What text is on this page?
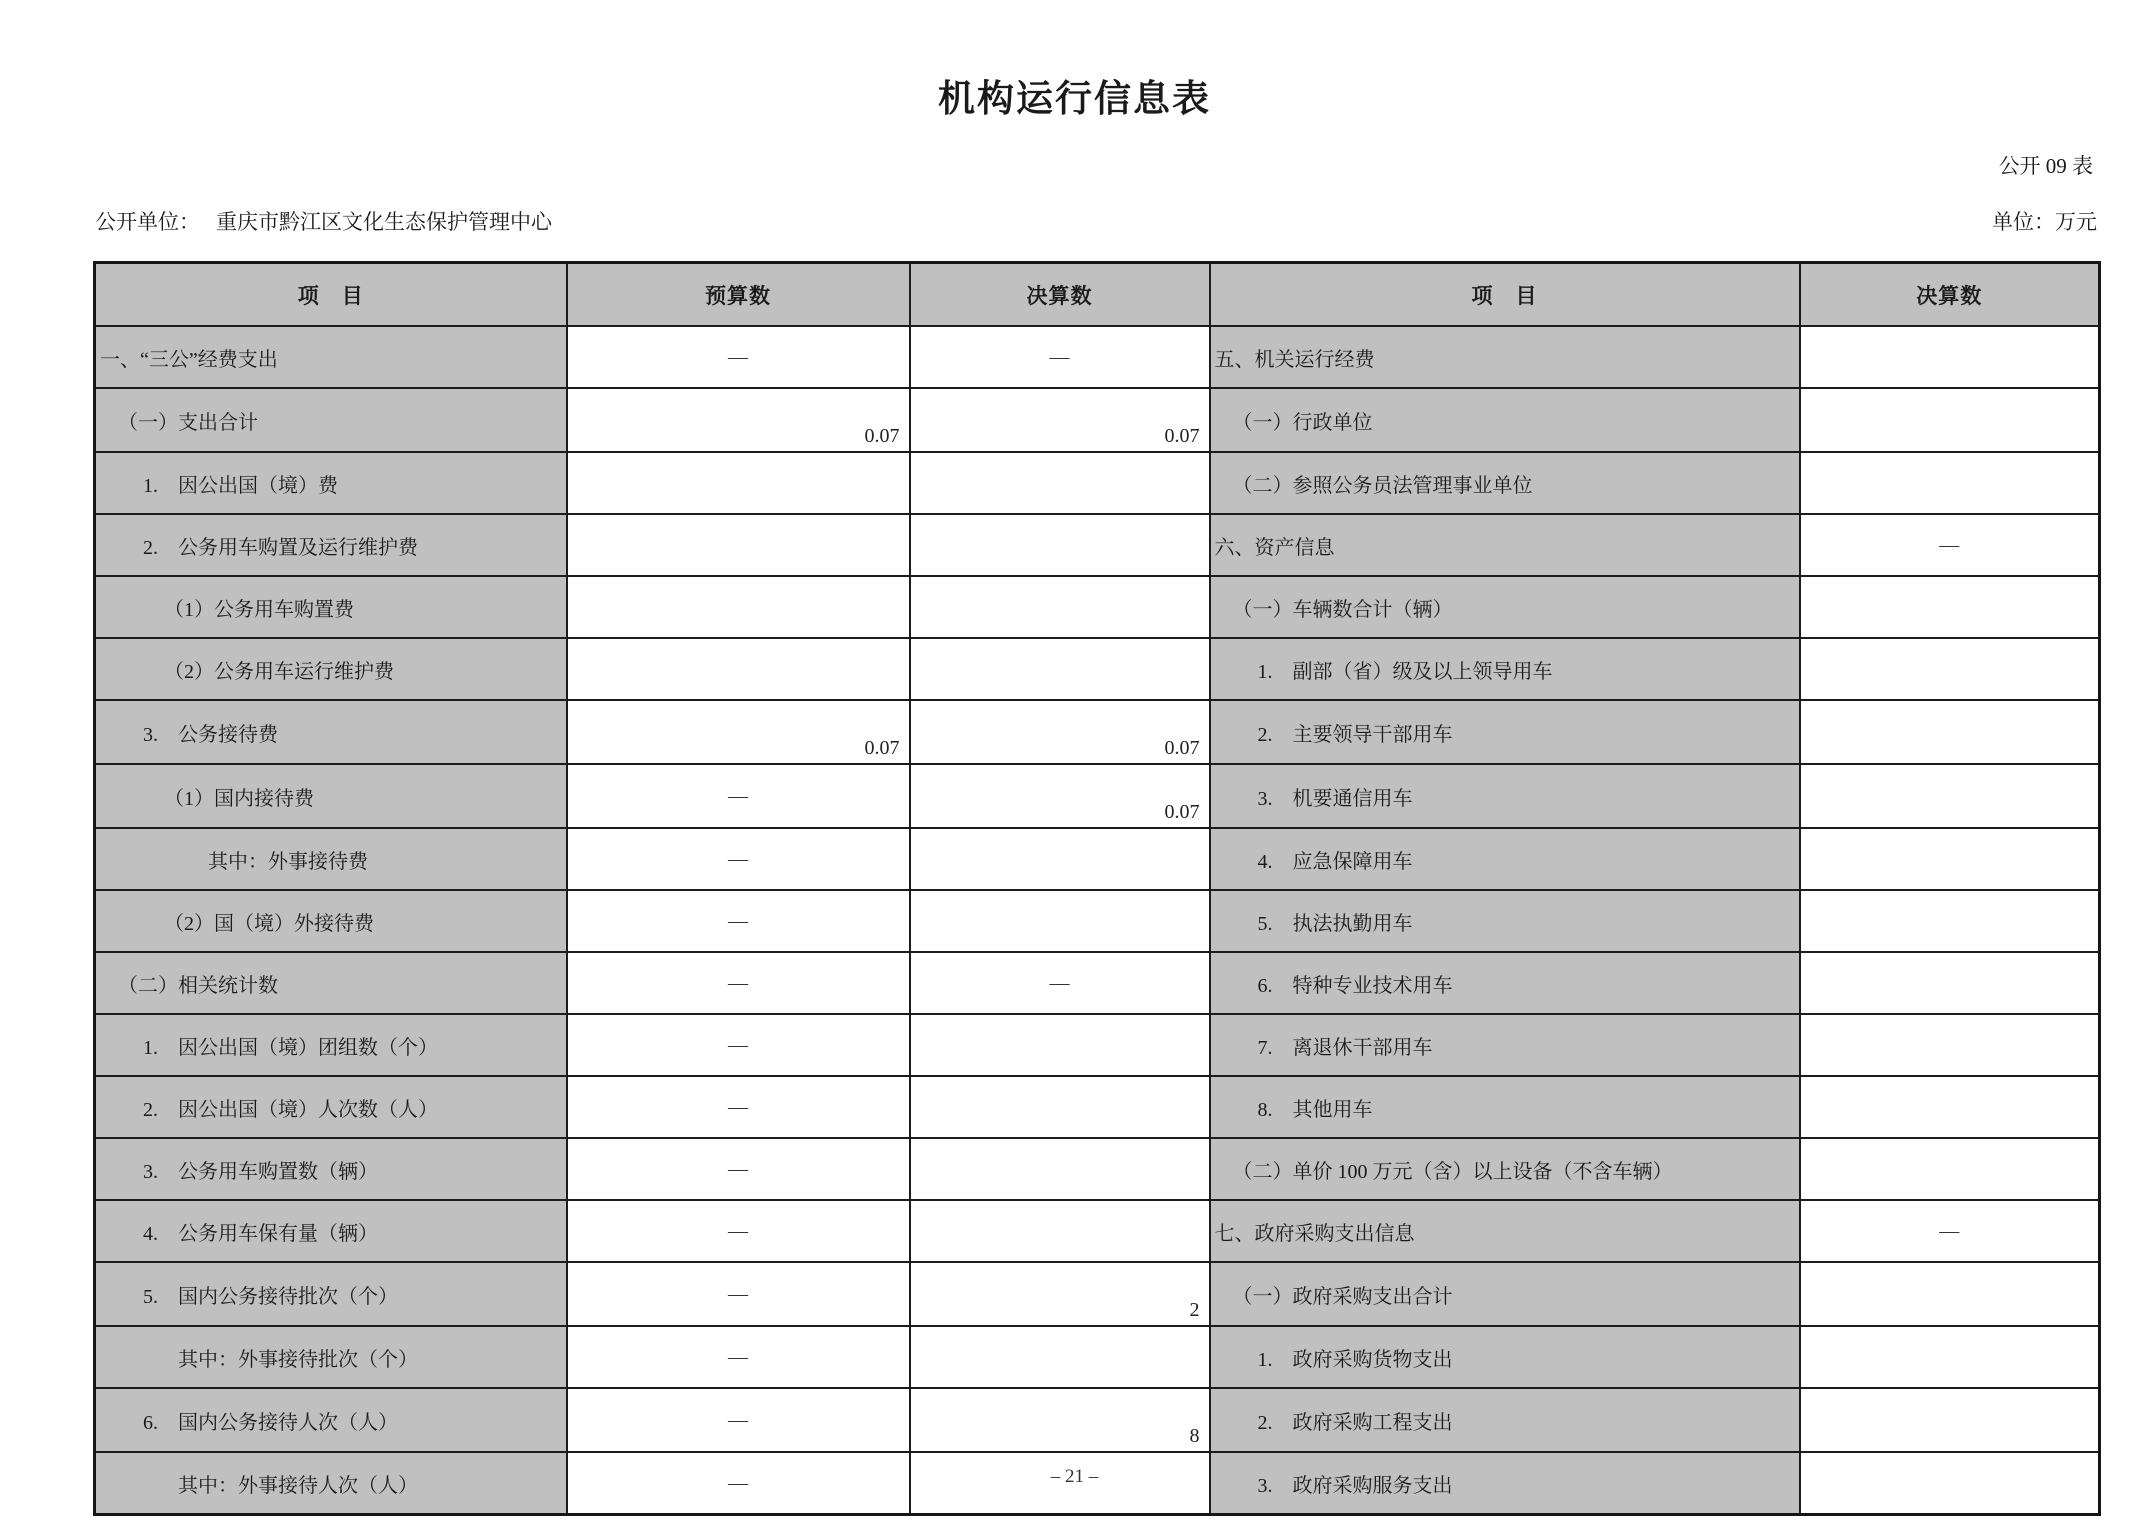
机构运行信息表
公开 09 表
公开单位： 重庆市黔江区文化生态保护管理中心	单位：万元
项　目	预算数	决算数	项　目	决算数
一、“三公”经费支出	—	—	五、机关运行经费	
（一）支出合计	0.07	0.07	（一）行政单位	
1.　因公出国（境）费			（二）参照公务员法管理事业单位	
2.　公务用车购置及运行维护费			六、资产信息	—
（1）公务用车购置费			（一）车辆数合计（辆）	
（2）公务用车运行维护费			1.　副部（省）级及以上领导用车	
3.　公务接待费	0.07	0.07	2.　主要领导干部用车	
（1）国内接待费	—	0.07	3.　机要通信用车	
其中：外事接待费	—		4.　应急保障用车	
（2）国（境）外接待费	—		5.　执法执勤用车	
（二）相关统计数	—	—	6.　特种专业技术用车	
1.　因公出国（境）团组数（个）	—		7.　离退休干部用车	
2.　因公出国（境）人次数（人）	—		8.　其他用车	
3.　公务用车购置数（辆）	—		（二）单价 100 万元（含）以上设备（不含车辆）	
4.　公务用车保有量（辆）	—		七、政府采购支出信息	—
5.　国内公务接待批次（个）	—	2	（一）政府采购支出合计	
其中：外事接待批次（个）	—		1.　政府采购货物支出	
6.　国内公务接待人次（人）	—	8	2.　政府采购工程支出	
其中：外事接待人次（人）	—		3.　政府采购服务支出	
– 21 –
